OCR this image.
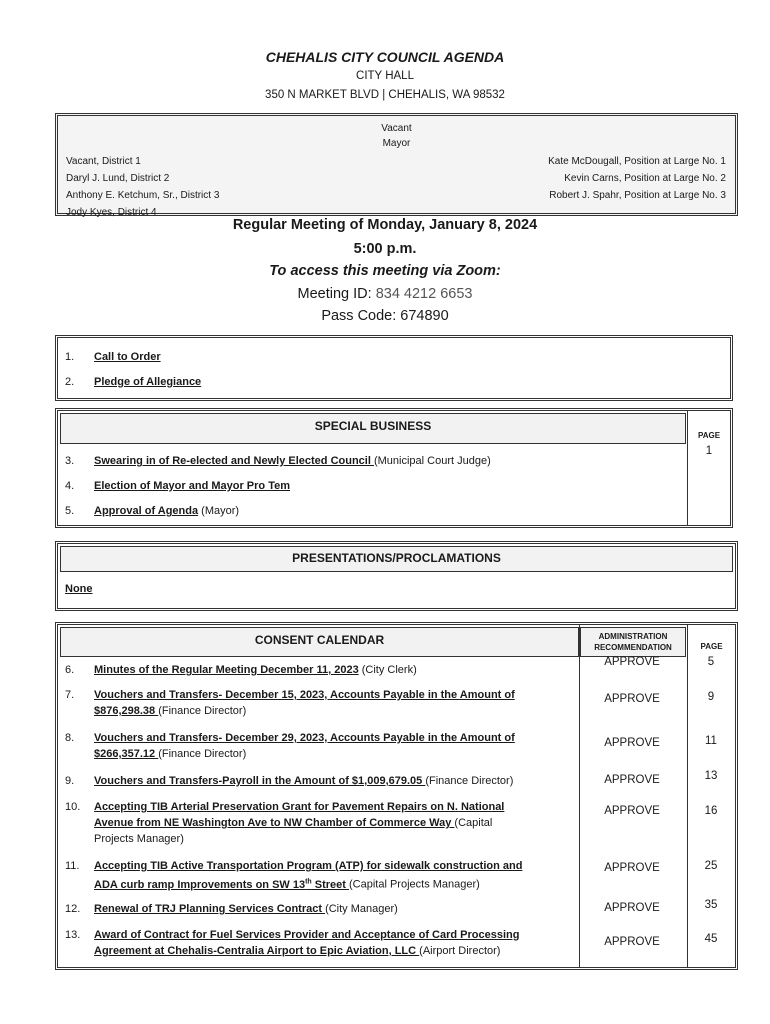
CHEHALIS CITY COUNCIL AGENDA
CITY HALL
350 N MARKET BLVD | CHEHALIS, WA 98532
Vacant
Mayor
Vacant, District 1
Daryl J. Lund, District 2
Anthony E. Ketchum, Sr., District 3
Jody Kyes, District 4
Kate McDougall, Position at Large No. 1
Kevin Carns, Position at Large No. 2
Robert J. Spahr, Position at Large No. 3
Regular Meeting of Monday, January 8, 2024
5:00 p.m.
To access this meeting via Zoom:
Meeting ID: 834 4212 6653
Pass Code: 674890
1. Call to Order
2. Pledge of Allegiance
SPECIAL BUSINESS
PAGE
3. Swearing in of Re-elected and Newly Elected Council (Municipal Court Judge)
1
4. Election of Mayor and Mayor Pro Tem
5. Approval of Agenda (Mayor)
PRESENTATIONS/PROCLAMATIONS
None
CONSENT CALENDAR	ADMINISTRATION
RECOMMENDATION	PAGE
6. Minutes of the Regular Meeting December 11, 2023 (City Clerk)
APPROVE	5
7. Vouchers and Transfers- December 15, 2023, Accounts Payable in the Amount of
$876,298.38 (Finance Director)
APPROVE	9
8. Vouchers and Transfers- December 29, 2023, Accounts Payable in the Amount of
$266,357.12 (Finance Director)
APPROVE	11
9. Vouchers and Transfers-Payroll in the Amount of $1,009,679.05 (Finance Director)	APPROVE	13
10. Accepting TIB Arterial Preservation Grant for Pavement Repairs on N. National
Avenue from NE Washington Ave to NW Chamber of Commerce Way (Capital
Projects Manager)
APPROVE	16
11. Accepting TIB Active Transportation Program (ATP) for sidewalk construction and
ADA curb ramp Improvements on SW 13th Street (Capital Projects Manager)
APPROVE	25
12. Renewal of TRJ Planning Services Contract (City Manager)	APPROVE	35
13. Award of Contract for Fuel Services Provider and Acceptance of Card Processing
Agreement at Chehalis-Centralia Airport to Epic Aviation, LLC (Airport Director)
APPROVE	45
